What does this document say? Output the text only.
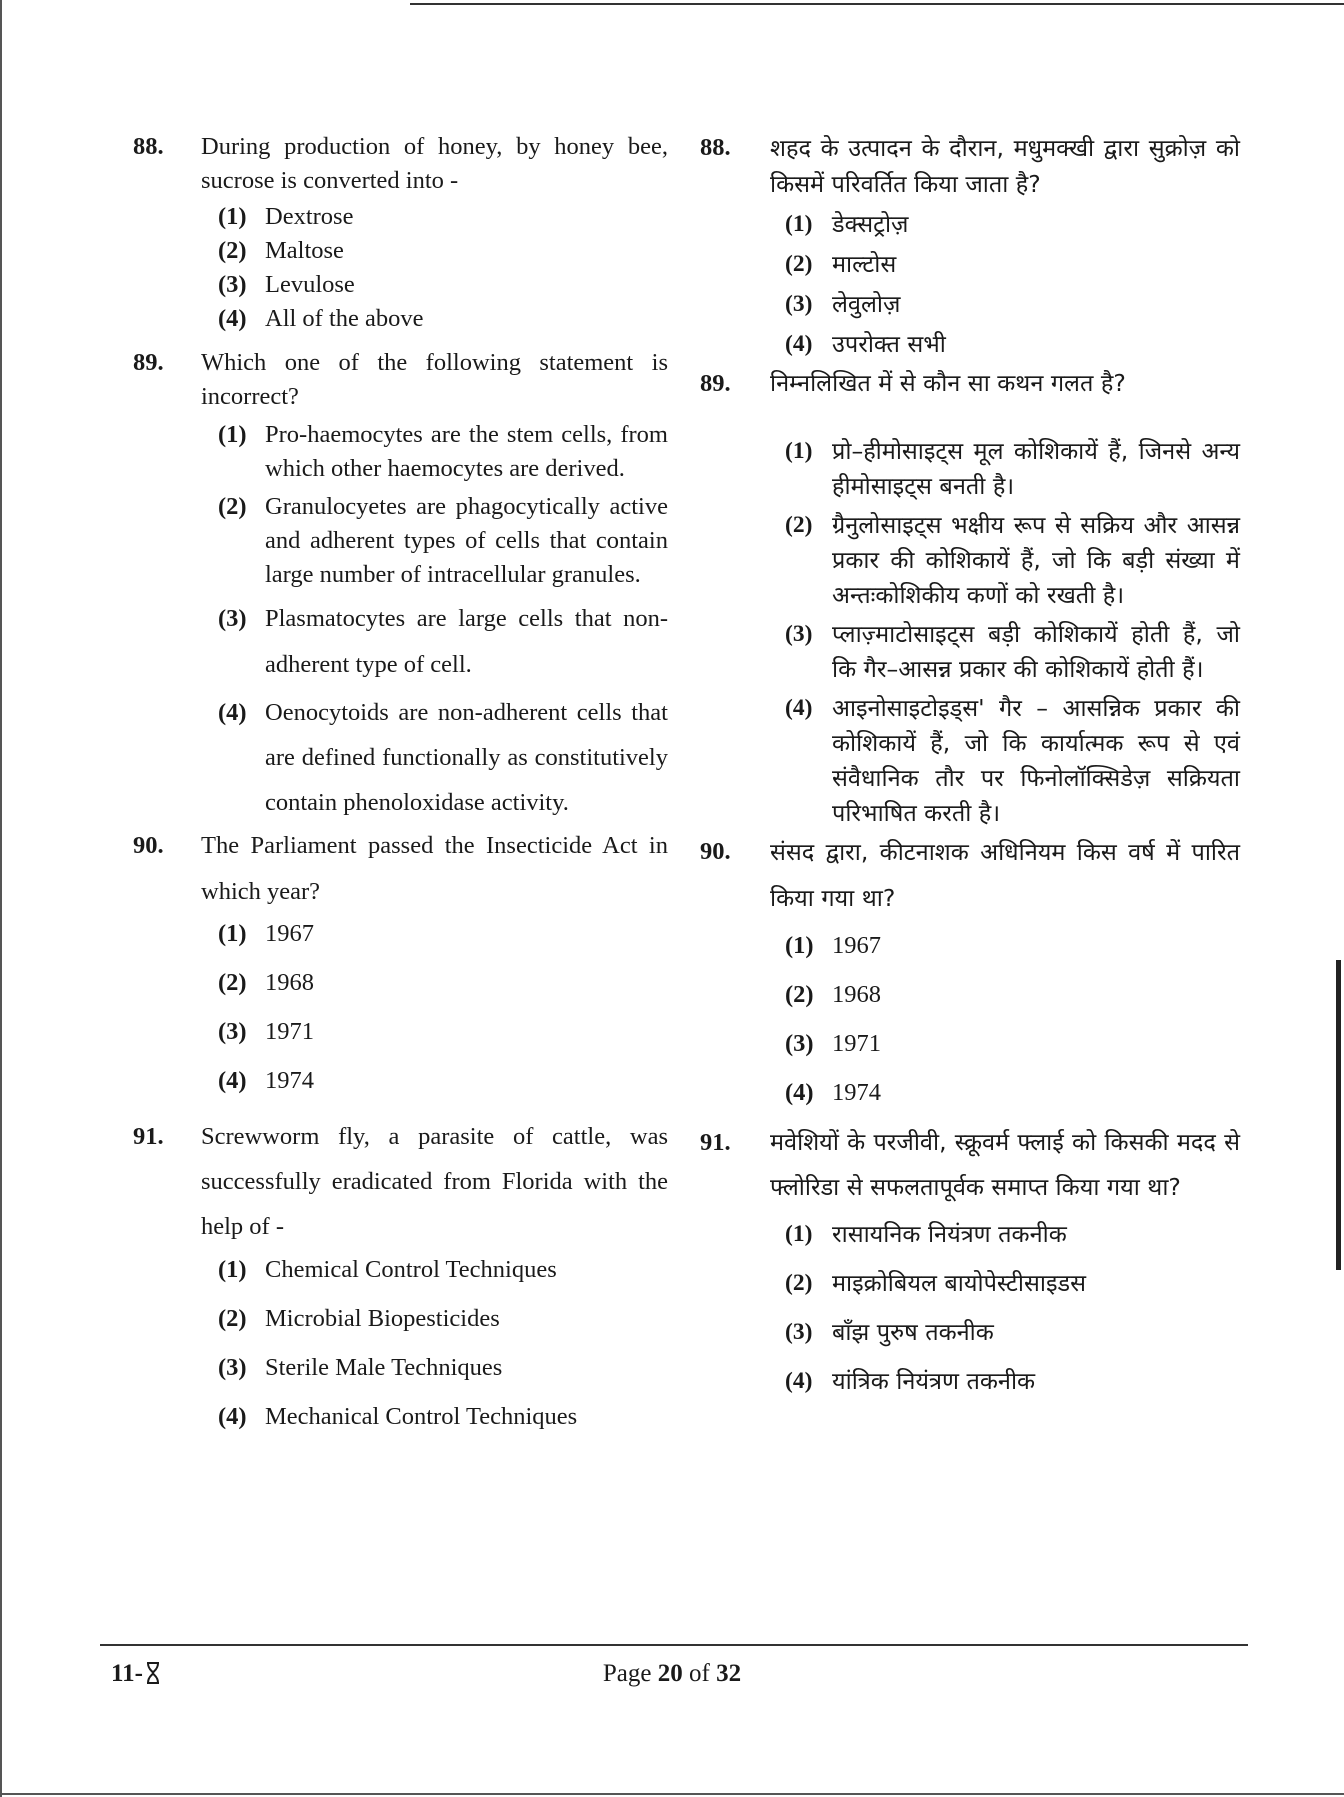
88. During production of honey, by honey bee, sucrose is converted into -
(1) Dextrose
(2) Maltose
(3) Levulose
(4) All of the above
89. Which one of the following statement is incorrect?
(1) Pro-haemocytes are the stem cells, from which other haemocytes are derived.
(2) Granulocyetes are phagocytically active and adherent types of cells that contain large number of intracellular granules.
(3) Plasmatocytes are large cells that non-adherent type of cell.
(4) Oenocytoids are non-adherent cells that are defined functionally as constitutively contain phenoloxidase activity.
90. The Parliament passed the Insecticide Act in which year?
(1) 1967
(2) 1968
(3) 1971
(4) 1974
91. Screwworm fly, a parasite of cattle, was successfully eradicated from Florida with the help of -
(1) Chemical Control Techniques
(2) Microbial Biopesticides
(3) Sterile Male Techniques
(4) Mechanical Control Techniques
88. शहद के उत्पादन के दौरान, मधुमक्खी द्वारा सुक्रोज़ को किसमें परिवर्तित किया जाता है?
(1) डेक्सट्रोज़
(2) माल्टोस
(3) लेवुलोज़
(4) उपरोक्त सभी
89. निम्नलिखित में से कौन सा कथन गलत है?
(1) प्रो–हीमोसाइट्स मूल कोशिकायें हैं, जिनसे अन्य हीमोसाइट्स बनती है।
(2) ग्रैनुलोसाइट्स भक्षीय रूप से सक्रिय और आसन्न प्रकार की कोशिकायें हैं, जो कि बड़ी संख्या में अन्तःकोशिकीय कणों को रखती है।
(3) प्लाज़्माटोसाइट्स बड़ी कोशिकायें होती हैं, जो कि गैर–आसन्न प्रकार की कोशिकायें होती हैं।
(4) आइनोसाइटोइड्स' गैर – आसन्निक प्रकार की कोशिकायें हैं, जो कि कार्यात्मक रूप से एवं संवैधानिक तौर पर फिनोलॉक्सिडेज़ सक्रियता परिभाषित करती है।
90. संसद द्वारा, कीटनाशक अधिनियम किस वर्ष में पारित किया गया था?
(1) 1967
(2) 1968
(3) 1971
(4) 1974
91. मवेशियों के परजीवी, स्क्रूवर्म फ्लाई को किसकी मदद से फ्लोरिडा से सफलतापूर्वक समाप्त किया गया था?
(1) रासायनिक नियंत्रण तकनीक
(2) माइक्रोबियल बायोपेस्टीसाइडस
(3) बाँझ पुरुष तकनीक
(4) यांत्रिक नियंत्रण तकनीक
11-	Page 20 of 32
